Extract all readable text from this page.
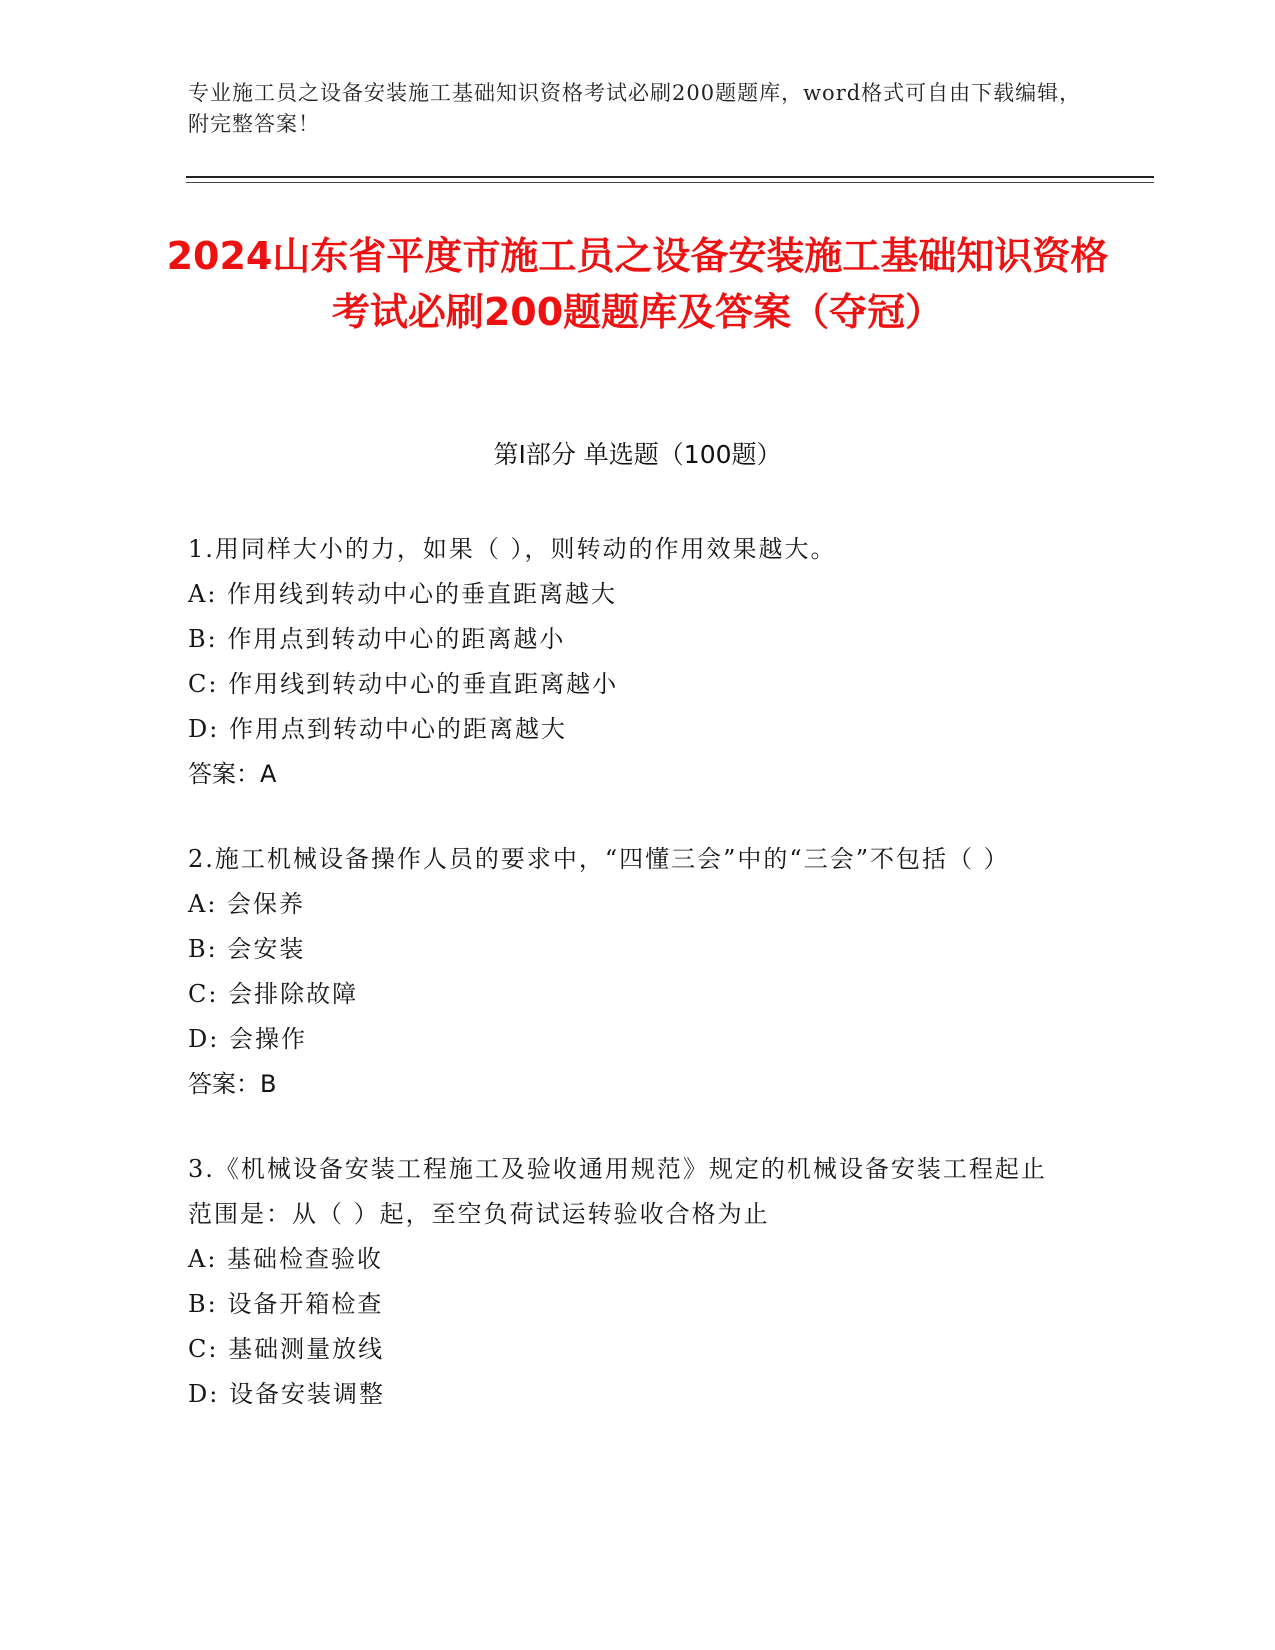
专业施工员之设备安装施工基础知识资格考试必刷200题题库，word格式可自由下载编辑，附完整答案！
2024山东省平度市施工员之设备安装施工基础知识资格考试必刷200题题库及答案（夺冠）
第Ⅰ部分 单选题（100题）
1.用同样大小的力，如果（ ），则转动的作用效果越大。
A: 作用线到转动中心的垂直距离越大
B: 作用点到转动中心的距离越小
C: 作用线到转动中心的垂直距离越小
D: 作用点到转动中心的距离越大
答案：A
2.施工机械设备操作人员的要求中，“四懂三会”中的“三会”不包括（ ）
A: 会保养
B: 会安装
C: 会排除故障
D: 会操作
答案：B
3.《机械设备安装工程施工及验收通用规范》规定的机械设备安装工程起止范围是：从（ ）起，至空负荷试运转验收合格为止
A: 基础检查验收
B: 设备开箱检查
C: 基础测量放线
D: 设备安装调整
